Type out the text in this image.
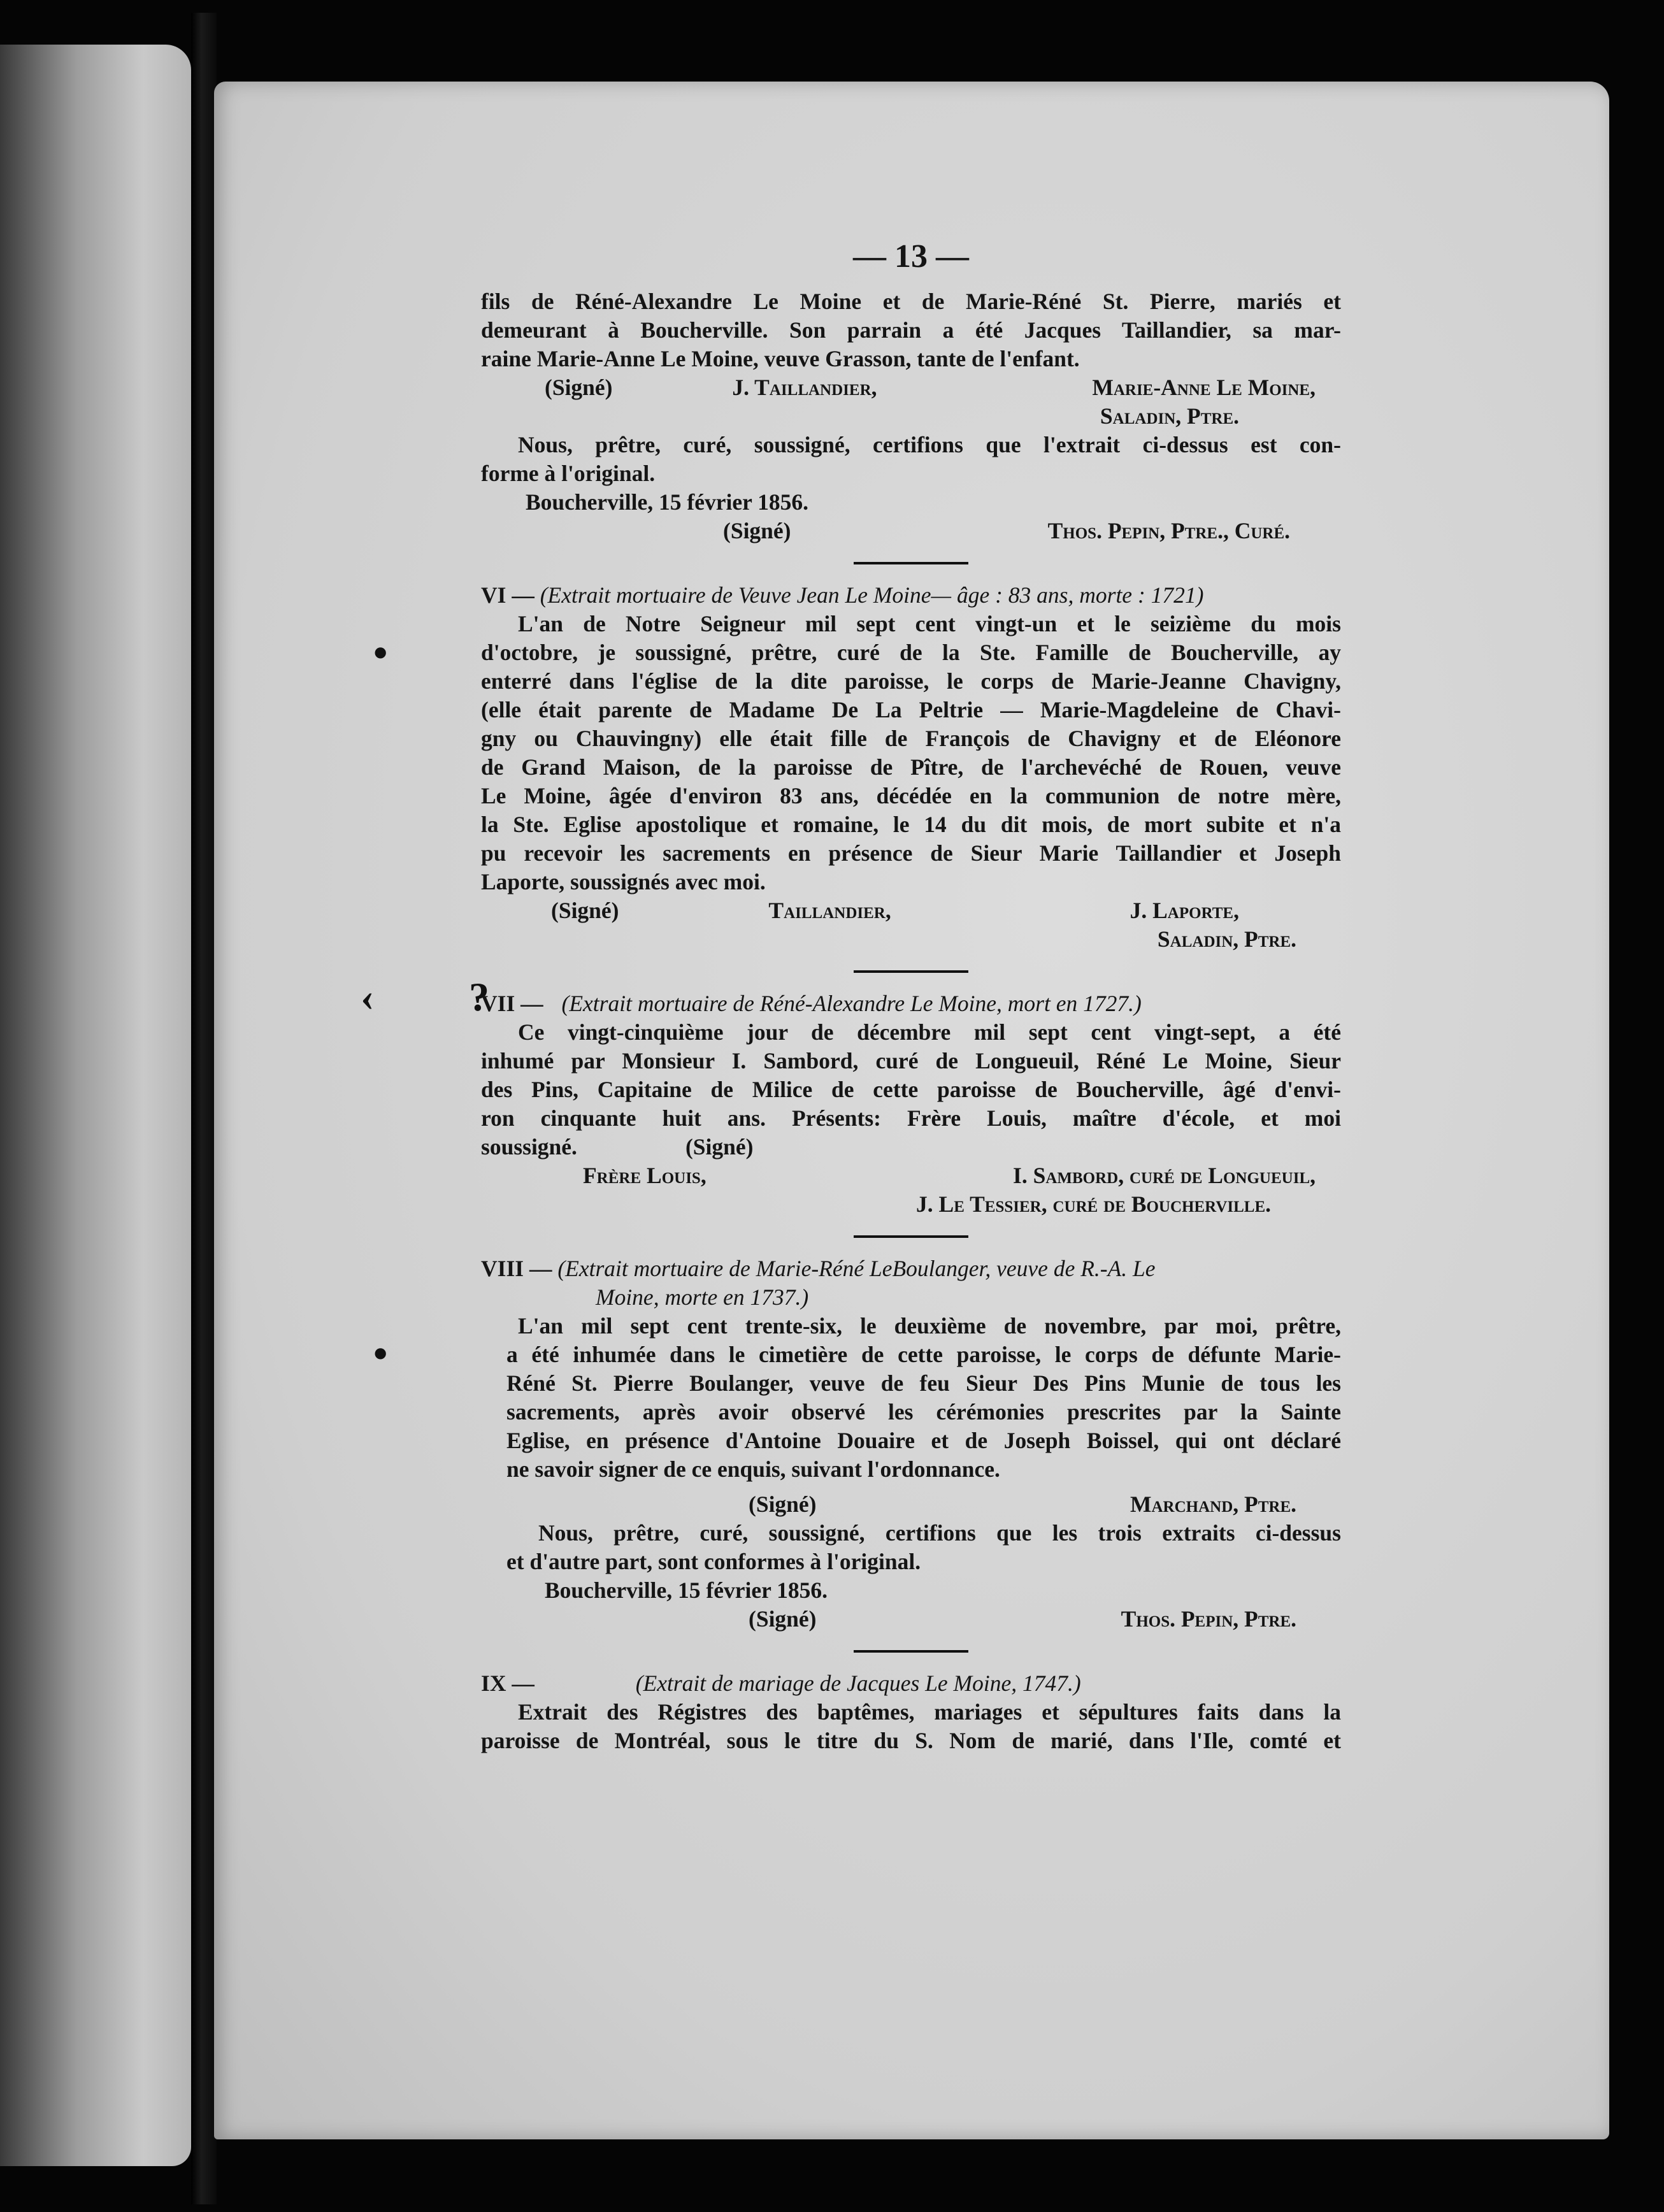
•
‹ ?
•
— 13 —
fils de Réné-Alexandre Le Moine et de Marie-Réné St. Pierre, mariés et
demeurant à Boucherville. Son parrain a été Jacques Taillandier, sa mar-
raine Marie-Anne Le Moine, veuve Grasson, tante de l'enfant.
(Signé)	J. Taillandier,	Marie-Anne Le Moine,
Saladin, Ptre.
Nous, prêtre, curé, soussigné, certifions que l'extrait ci-dessus est con-
forme à l'original.
Boucherville, 15 février 1856.
(Signé)	Thos. Pepin, Ptre., Curé.
VI — (Extrait mortuaire de Veuve Jean Le Moine— âge : 83 ans, morte : 1721)
L'an de Notre Seigneur mil sept cent vingt-un et le seizième du mois
d'octobre, je soussigné, prêtre, curé de la Ste. Famille de Boucherville, ay
enterré dans l'église de la dite paroisse, le corps de Marie-Jeanne Chavigny,
(elle était parente de Madame De La Peltrie — Marie-Magdeleine de Chavi-
gny ou Chauvingny) elle était fille de François de Chavigny et de Eléonore
de Grand Maison, de la paroisse de Pître, de l'archevéché de Rouen, veuve
Le Moine, âgée d'environ 83 ans, décédée en la communion de notre mère,
la Ste. Eglise apostolique et romaine, le 14 du dit mois, de mort subite et n'a
pu recevoir les sacrements en présence de Sieur Marie Taillandier et Joseph
Laporte, soussignés avec moi.
(Signé)	Taillandier,	J. Laporte,
Saladin, Ptre.
VII — (Extrait mortuaire de Réné-Alexandre Le Moine, mort en 1727.)
Ce vingt-cinquième jour de décembre mil sept cent vingt-sept, a été
inhumé par Monsieur I. Sambord, curé de Longueuil, Réné Le Moine, Sieur
des Pins, Capitaine de Milice de cette paroisse de Boucherville, âgé d'envi-
ron cinquante huit ans. Présents: Frère Louis, maître d'école, et moi
soussigné.	(Signé)
Frère Louis,	I. Sambord, curé de Longueuil,
J. Le Tessier, curé de Boucherville.
VIII — (Extrait mortuaire de Marie-Réné LeBoulanger, veuve de R.-A. Le
Moine, morte en 1737.)
L'an mil sept cent trente-six, le deuxième de novembre, par moi, prêtre,
a été inhumée dans le cimetière de cette paroisse, le corps de défunte Marie-
Réné St. Pierre Boulanger, veuve de feu Sieur Des Pins Munie de tous les
sacrements, après avoir observé les cérémonies prescrites par la Sainte
Eglise, en présence d'Antoine Douaire et de Joseph Boissel, qui ont déclaré
ne savoir signer de ce enquis, suivant l'ordonnance.
(Signé)	Marchand, Ptre.
Nous, prêtre, curé, soussigné, certifions que les trois extraits ci-dessus
et d'autre part, sont conformes à l'original.
Boucherville, 15 février 1856.
(Signé)	Thos. Pepin, Ptre.
IX —	(Extrait de mariage de Jacques Le Moine, 1747.)
Extrait des Régistres des baptêmes, mariages et sépultures faits dans la
paroisse de Montréal, sous le titre du S. Nom de marié, dans l'Ile, comté et
